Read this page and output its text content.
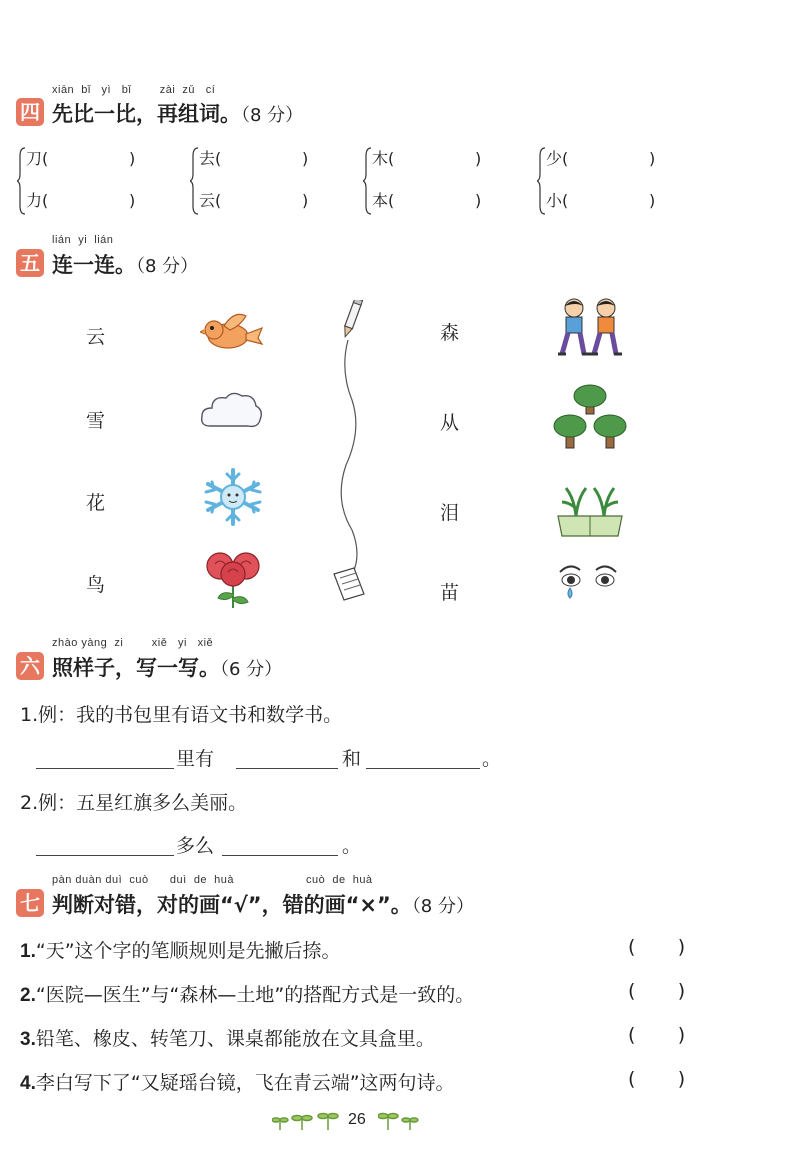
xiān  bǐ   yì   bǐ        zài  zǔ   cí
四 先比一比，再组词。（8 分）
刀(	)
力(	)
去(	)
云(	)
木(	)
本(	)
少(	)
小(	)
lián  yi  lián
五 连一连。（8 分）
云
雪
花
鸟
森
从
泪
苗
zhào yàng  zi        xiě   yi   xiě
六 照样子，写一写。（6 分）
1.例：我的书包里有语文书和数学书。
里有	和	。
2.例：五星红旗多么美丽。
多么	。
pàn duàn duì  cuò      duì  de  huà	cuò  de  huà
七 判断对错，对的画“√”，错的画“×”。（8 分）
1.“天”这个字的笔顺规则是先撇后捺。	(       )
2.“医院—医生”与“森林—土地”的搭配方式是一致的。	(       )
3.铅笔、橡皮、转笔刀、课桌都能放在文具盒里。	(       )
4.李白写下了“又疑瑶台镜，飞在青云端”这两句诗。	(       )
26
